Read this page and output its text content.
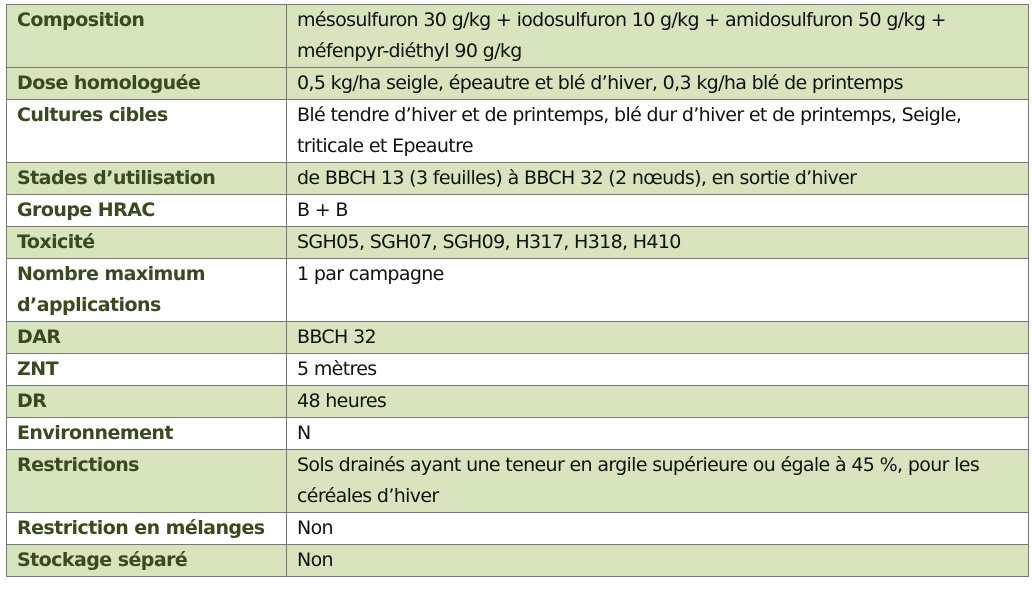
Composition	mésosulfuron 30 g/kg + iodosulfuron 10 g/kg + amidosulfuron 50 g/kg + méfenpyr-diéthyl 90 g/kg
Dose homologuée	0,5 kg/ha seigle, épeautre et blé d’hiver, 0,3 kg/ha blé de printemps
Cultures cibles	Blé tendre d’hiver et de printemps, blé dur d’hiver et de printemps, Seigle, triticale et Epeautre
Stades d’utilisation	de BBCH 13 (3 feuilles) à BBCH 32 (2 nœuds), en sortie d’hiver
Groupe HRAC	B + B
Toxicité	SGH05, SGH07, SGH09, H317, H318, H410
Nombre maximum d’applications	1 par campagne
DAR	BBCH 32
ZNT	5 mètres
DR	48 heures
Environnement	N
Restrictions	Sols drainés ayant une teneur en argile supérieure ou égale à 45 %, pour les céréales d’hiver
Restriction en mélanges	Non
Stockage séparé	Non
